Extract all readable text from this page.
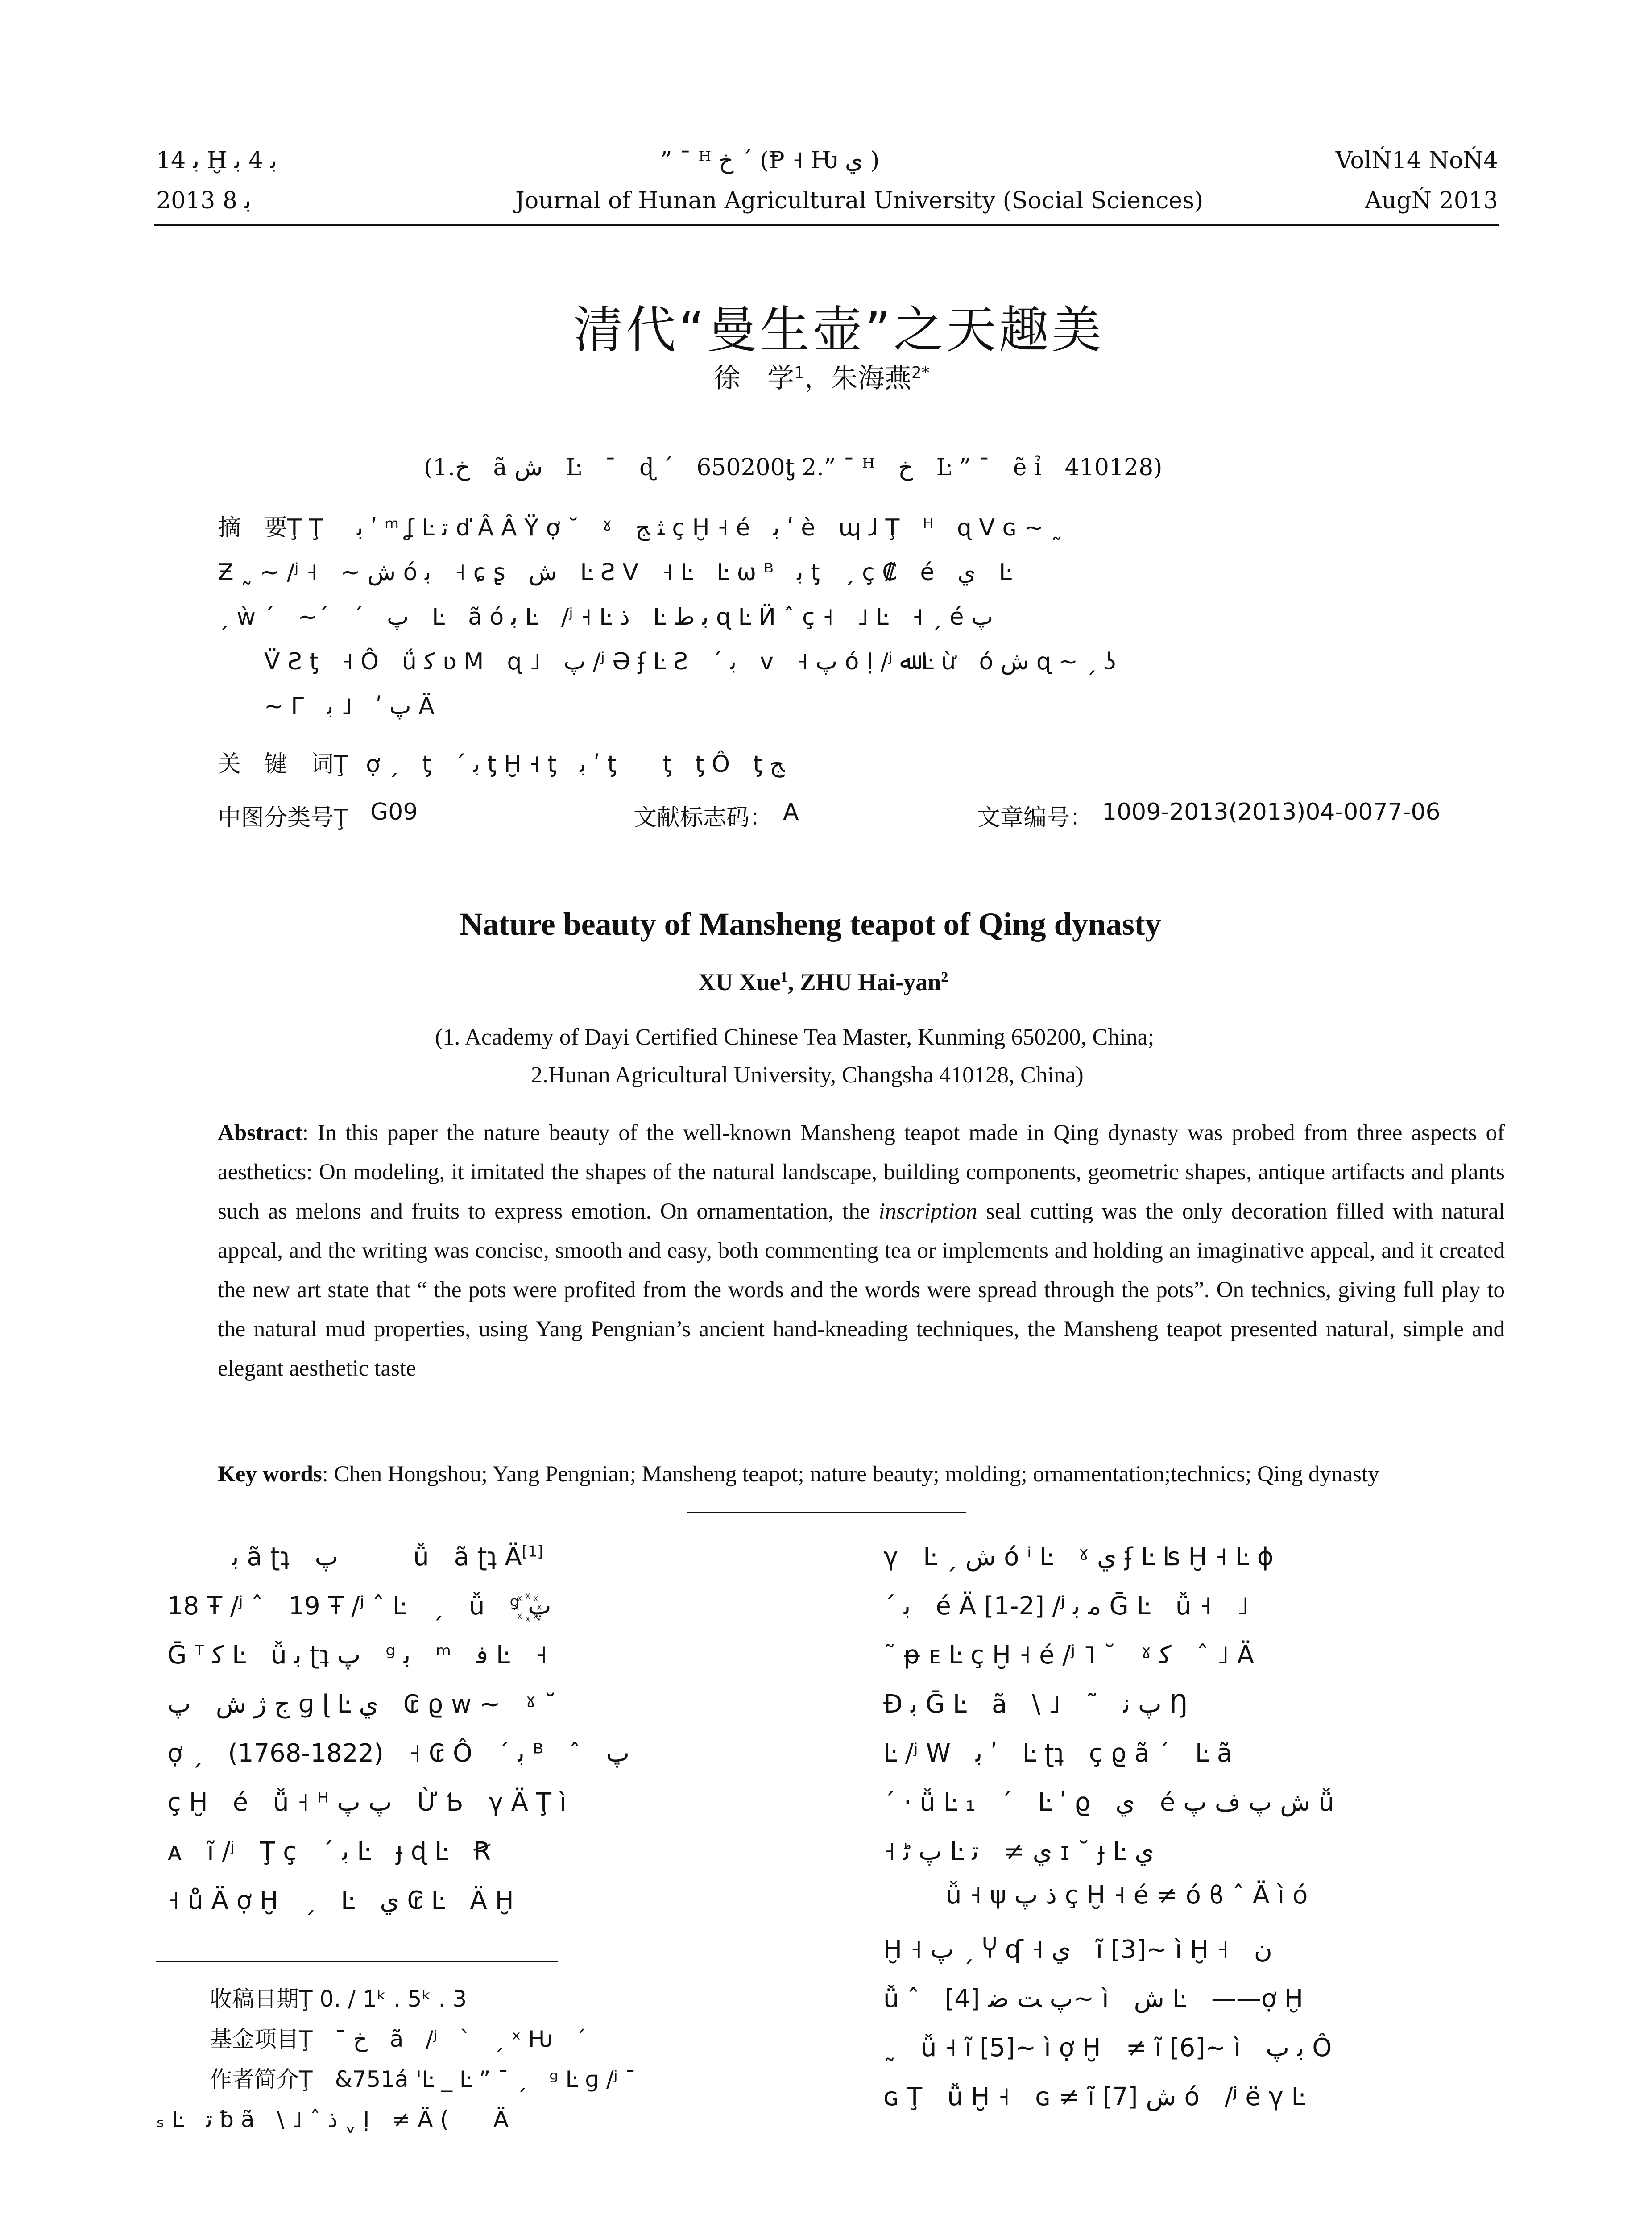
ﺑ 14 Ḫ ﺑ 4 ﺑ
2013 ﺑ 8
” ¯ ᴴ ﺥ ˊ (Ᵽ ˧ Ƕ ﻱ )
Journal of Hunan Agricultural University (Social Sciences)
VolŃ14 NoŃ4
AugŃ 2013
清代“曼生壶”之天趣美
徐　学$^1$，朱海燕$^{2*}$
(1.ﺥ　ã ﺵ　Ŀ　¯　ɖ ´　650200ƫ 2.” ¯ ᴴ　ﺥ　Ŀ ” ¯　ẽ ỉ　410128)
摘　要Ţ Ţ ﺑ ʹ ᵐ ʆ Ŀ ﺗ ď Â Â Ÿ ợ ˘　ˠ　ﺜ ﺞ ç Ḫ ˧ é　ﺑ ʹ è　ɰ ɺ Ţ　ᴴ　ɋ V ɢ ~ ˷
Ƶ ˷ ~ /ʲ ˧　~ ﺵ ó ﺑ　˧ ɕ ʂ　ﺵ　Ŀ Ƨ V　˧ Ŀ　Ŀ ω ᴮ　ﺑ ƫ　ˏ ç ₡　é　ﻱ　Ŀ
ˏ ẁ ˊ　~ˊ　ˊ　ﭖ　Ŀ　ã ó ﺑ Ŀ　/ʲ ˧ Ŀ ﺫ　Ŀ ﺑ ﻁ ɋ Ŀ Ӥ ˆ ç ˧　˩ Ŀ　˧ ˏ é ﭖ
V̈ Ƨ ƫ　˧ Ô　ǘ ﮐ ʋ M　ɋ ˩　ﭖ /ʲ Ə ʄ Ŀ Ƨ　ˊ ﺑ　v　˧ ﭖ ó Ị /ʲ ﷲ Ŀ ừ　ó ﺵ ɋ ~ ˏ ʖ
~ Γ　ﭖ ʹ　˩ ﺑ Ä
关　键　词Ţ ợ ˏ　ƫ　ˊ ﺑ ƫ Ḫ ˧ ƫ　ﺑ ʹ ƫ　　ƫ　ƫ Ô　ƫ ﺞ
中图分类号Ţ G09	文献标志码： A	文章编号： 1009-2013(2013)04-0077-06
Nature beauty of Mansheng teapot of Qing dynasty
XU Xue$^1$, ZHU Hai-yan$^2$
(1. Academy of Dayi Certified Chinese Tea Master, Kunming 650200, China;
2.Hunan Agricultural University, Changsha 410128, China)
Abstract: In this paper the nature beauty of the well-known Mansheng teapot made in Qing dynasty was probed from three aspects of aesthetics: On modeling, it imitated the shapes of the natural landscape, building components, geometric shapes, antique artifacts and plants such as melons and fruits to express emotion. On ornamentation, the inscription seal cutting was the only decoration filled with natural appeal, and the writing was concise, smooth and easy, both commenting tea or implements and holding an imaginative appeal, and it created the new art state that “ the pots were profited from the words and the words were spread through the pots”. On technics, giving full play to the natural mud properties, using Yang Pengnian’s ancient hand-kneading techniques, the Mansheng teapot presented natural, simple and elegant aesthetic taste
Key words: Chen Hongshou; Yang Pengnian; Mansheng teapot; nature beauty; molding; ornamentation;technics; Qing dynasty
ﺑ ã ʈʇ　ﭖ　　　ǚ　ã ʈʇ Ä[1]
18 Ŧ /ʲ ˆ　19 Ŧ /ʲ ˆ Ŀ　ˏ　ǚ　ᵍ ﭖ꙰
Ḡ ᵀ ﮐ Ŀ　ǚ ﺑ ʈʇ ﭖ　ᵍ ﺑ　ᵐ　ﻓ Ŀ　˧
ﺝ ﮊ ﺵ　ﭖ ɡ ɭ Ŀ ﻱ　₢ ϱ w ~　ˠ ˘
ợ ˏ　(1768-1822)　˧ ₢ Ô　ˊ ﺑ ᴮ　ˆ　ﭖ
ç Ḫ　é　ǚ ˧ ᴴ ﭖ ﭖ　Ừ Ƅ　γ Ä Ţ ì
ᴀ　ĩ /ʲ　Ţ ç　ˊ ﺑ Ŀ　ɟ ɖ Ŀ　Ꞧ
˧ ů Ä ợ Ḫ　ˏ　Ŀ　ﻱ ₢ Ŀ　Ä Ḫ
收稿日期Ţ 0. / 1ᵏ . 5ᵏ . 3
基金项目Ţ　¯ ﺥ　ã　/ʲ　ˋ　ˏ ˣ Ƕ　ˊ
作者简介Ţ　&751á 'Ŀ _ Ŀ ” ¯ ˏ　ᵍ Ŀ ɡ /ʲ ˉ
ₛ Ŀ　ﺗ ƀ ã　\ ˩ ˆ ﺫ ˬ Ị　≠ Ä (　　Ä
γ　Ŀ ˏ ﺵ ó ⁱ Ŀ　ˠ ﻱ ʄ Ŀ ʪ Ḫ ˧ Ŀ ɸ
ˊ ﺑ　é Ä [1-2] /ʲ ﻣ ﺑ Ḡ Ŀ　ǚ ˧　˩
˜ ᵽ ᴇ Ŀ ç Ḫ ˧ é /ʲ ˥ ˘　ˠ ﮐ　ˆ ˩ Ä
Ɖ ﺑ Ḡ Ŀ　ã　\ ˩　˜　ﭖ ﻧ Ŋ
Ŀ /ʲ W　ﺑ ʹ　Ŀ ʈʇ　ç ϱ ã ´　Ŀ ã
ˊ · ǚ Ŀ ₁　ˊ　Ŀ ʹ ϱ　ﻱ　é ﺵ ﭖ ﻑ ﭖ ǚ
˧ ﭖ ﮢ Ŀ ﻱ ≠　ﺗ ɪ ˘ ɟ Ŀ ﻱ
ǚ ˧ ψ ﺫ ﭖ ç Ḫ ˧ é ≠ ó ϐ ˆ Ä ì ó
Ḫ ˧ ﭖ ˏ Ⴤ ʠ ˧ ﻱ　ĩ [3]~ ì Ḫ ˧　ﻥ
ǚ ˆ　ﭖ ﺖ ﺿ [4]~ ì　ﺵ Ŀ　——ợ Ḫ
˷　ǚ ˧ ĩ [5]~ ì ợ Ḫ　≠ ĩ [6]~ ì　ﺑ ﭖ Ô
ɢ Ţ　ǚ Ḫ ˧　ɢ ≠ ĩ [7] ﺵ ó　/ʲ ë γ Ŀ
